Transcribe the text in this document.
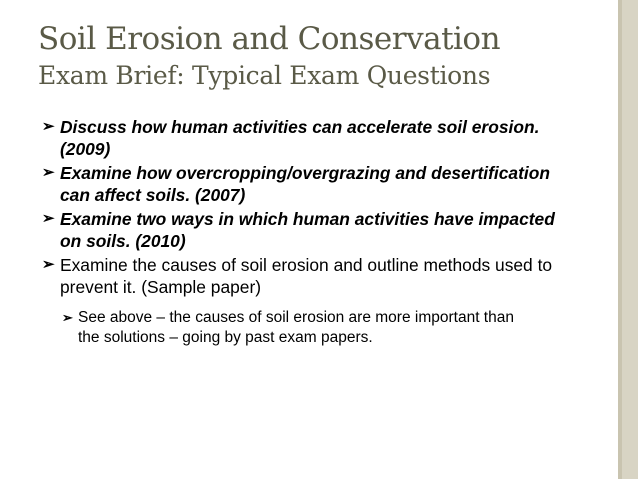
Soil Erosion and Conservation
Exam Brief: Typical Exam Questions
➢ Discuss how human activities can accelerate soil erosion.(2009)
➢ Examine how overcropping/overgrazing and desertification can affect soils. (2007)
➢ Examine two ways in which human activities have impacted on soils. (2010)
➢ Examine the causes of soil erosion and outline methods used to prevent it. (Sample paper)
➢ See above – the causes of soil erosion are more important than the solutions – going by past exam papers.
